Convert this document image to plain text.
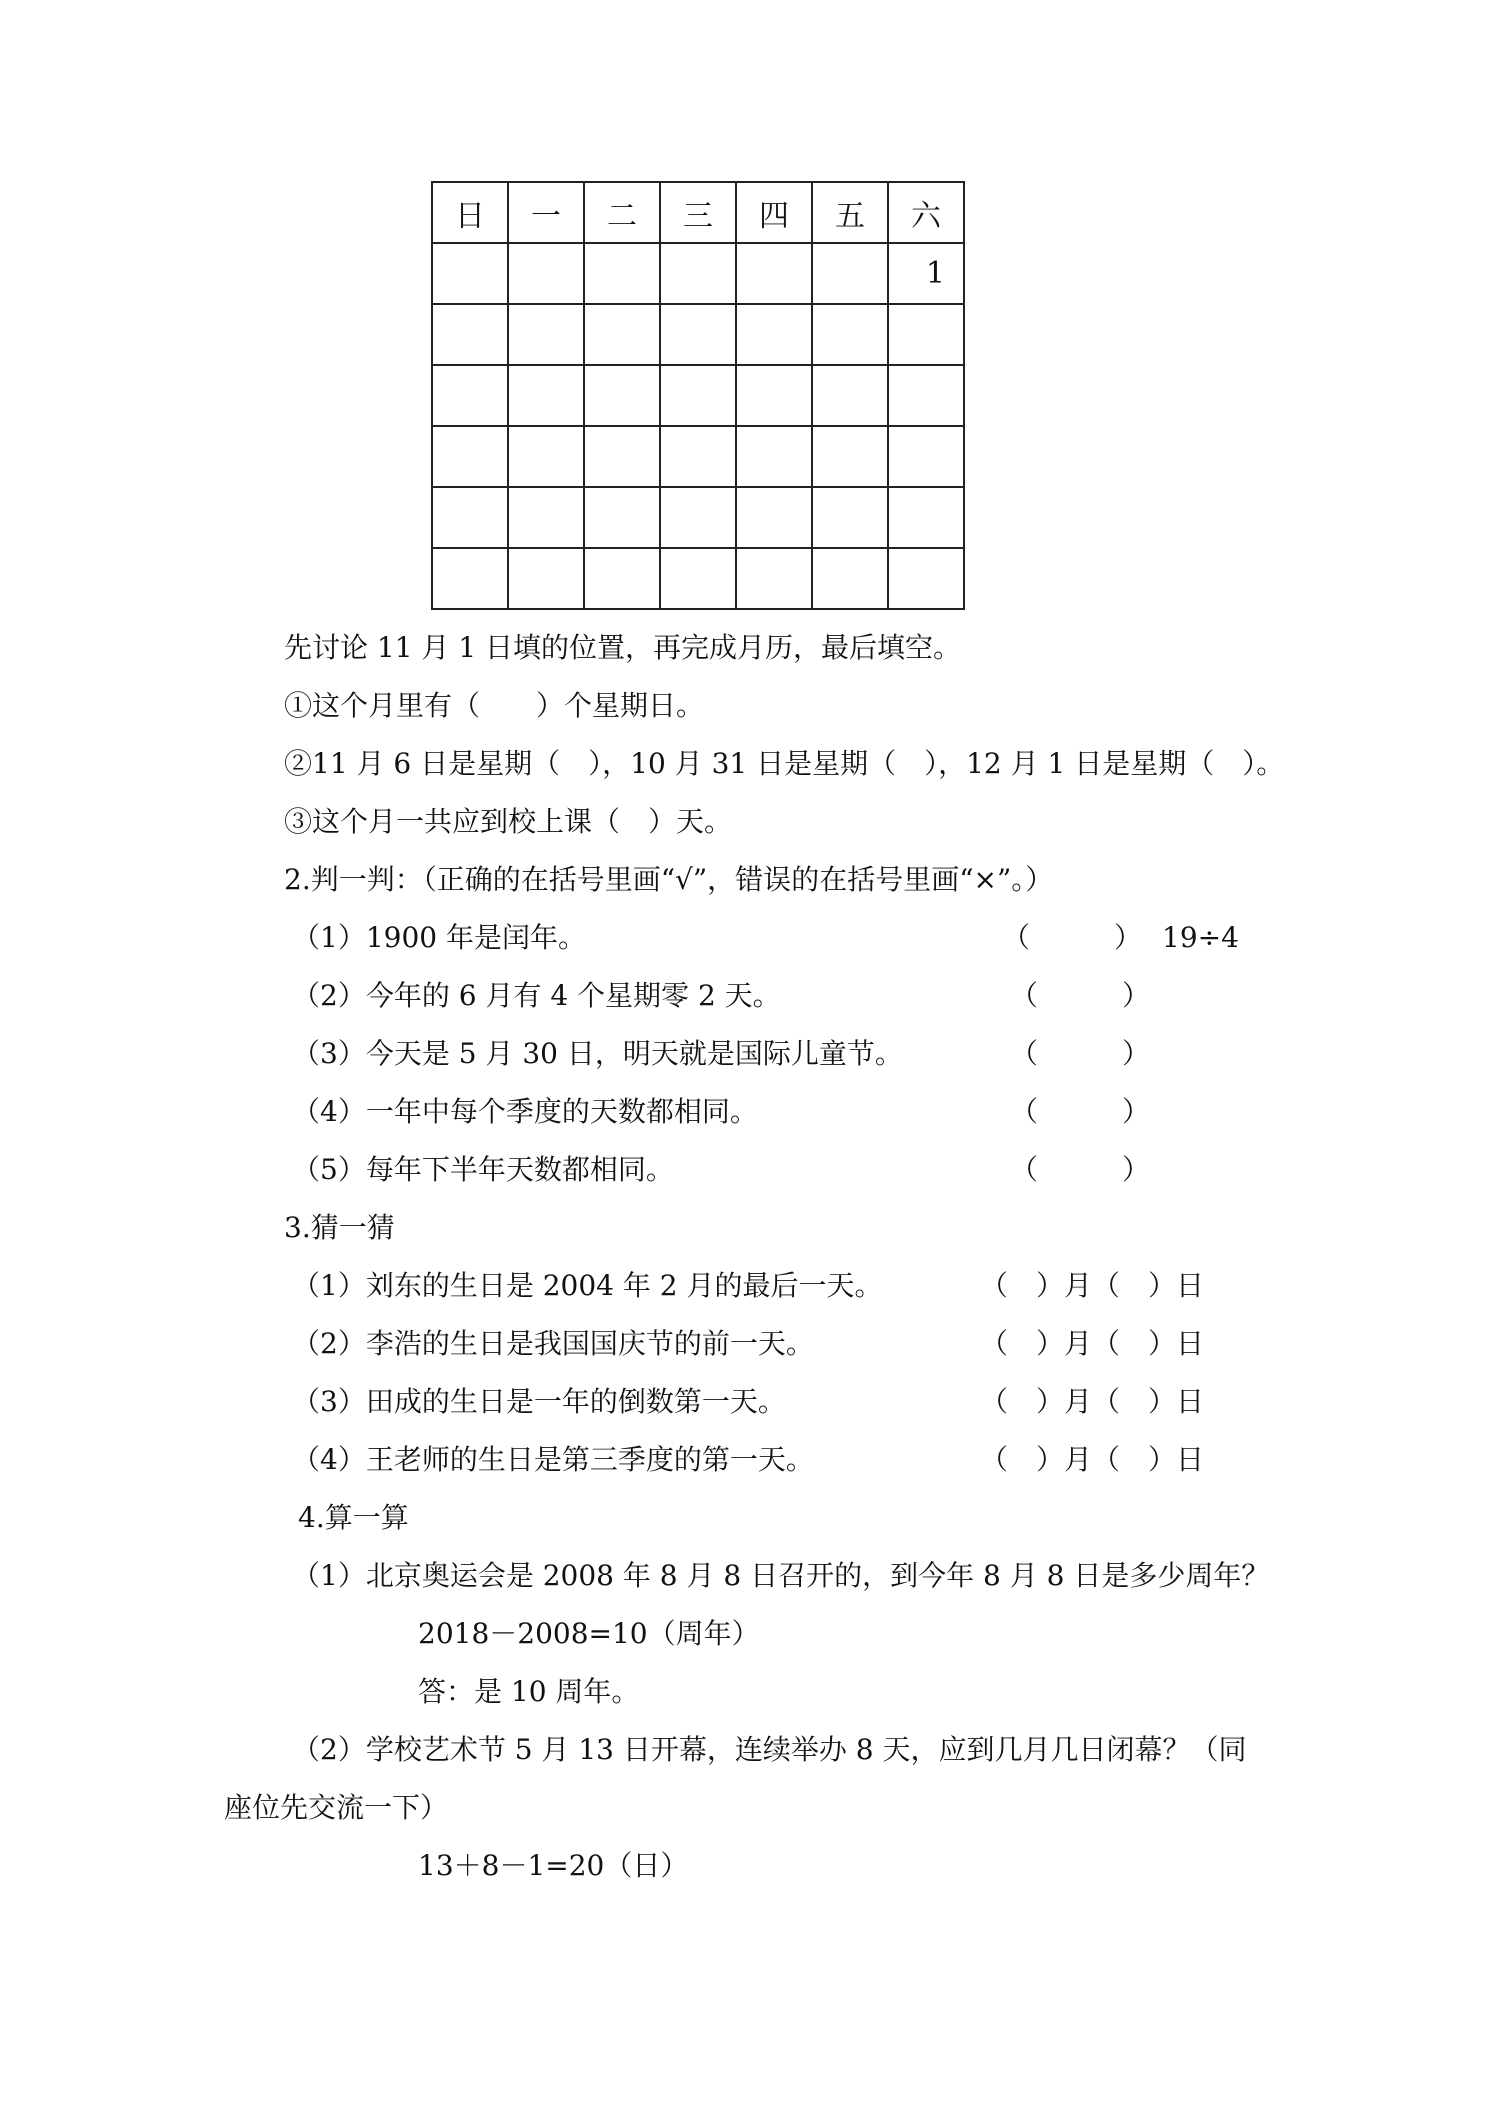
日	一	二	三	四	五	六
						1

先讨论 11 月 1 日填的位置，再完成月历，最后填空。
①这个月里有（　　）个星期日。
②11 月 6 日是星期（　），10 月 31 日是星期（　），12 月 1 日是星期（　）。
③这个月一共应到校上课（　）天。
2.判一判：（正确的在括号里画“√”，错误的在括号里画“×”。）
（1）1900 年是闰年。	（　　　） 19÷4
（2）今年的 6 月有 4 个星期零 2 天。	（　　　）
（3）今天是 5 月 30 日，明天就是国际儿童节。	（　　　）
（4）一年中每个季度的天数都相同。	（　　　）
（5）每年下半年天数都相同。	（　　　）
3.猜一猜
（1）刘东的生日是 2004 年 2 月的最后一天。	（　）月（　）日
（2）李浩的生日是我国国庆节的前一天。	（　）月（　）日
（3）田成的生日是一年的倒数第一天。	（　）月（　）日
（4）王老师的生日是第三季度的第一天。	（　）月（　）日
4.算一算
（1）北京奥运会是 2008 年 8 月 8 日召开的，到今年 8 月 8 日是多少周年？
2018－2008=10（周年）
答：是 10 周年。
（2）学校艺术节 5 月 13 日开幕，连续举办 8 天，应到几月几日闭幕？（同
座位先交流一下）
13＋8－1=20（日）
